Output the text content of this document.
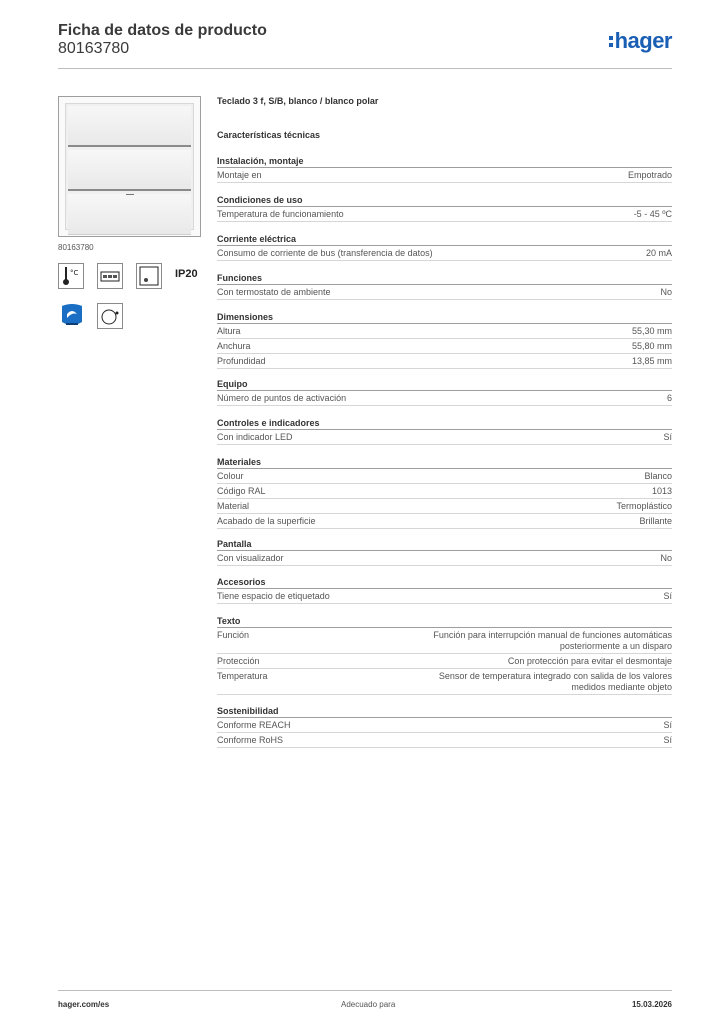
Ficha de datos de producto
80163780	hager
80163780
°C	IP20
Teclado 3 f, S/B, blanco / blanco polar
Características técnicas
Instalación, montaje
Montaje en	Empotrado
Condiciones de uso
Temperatura de funcionamiento	-5 - 45 ºC
Corriente eléctrica
Consumo de corriente de bus (transferencia de datos)	20 mA
Funciones
Con termostato de ambiente	No
Dimensiones
Altura	55,30 mm
Anchura	55,80 mm
Profundidad	13,85 mm
Equipo
Número de puntos de activación	6
Controles e indicadores
Con indicador LED	Sí
Materiales
Colour	Blanco
Código RAL	1013
Material	Termoplástico
Acabado de la superficie	Brillante
Pantalla
Con visualizador	No
Accesorios
Tiene espacio de etiquetado	Sí
Texto
Función	Función para interrupción manual de funciones automáticas posteriormente a un disparo
Protección	Con protección para evitar el desmontaje
Temperatura	Sensor de temperatura integrado con salida de los valores medidos mediante objeto
Sostenibilidad
Conforme REACH	Sí
Conforme RoHS	Sí
hager.com/es	Adecuado para	15.03.2026
